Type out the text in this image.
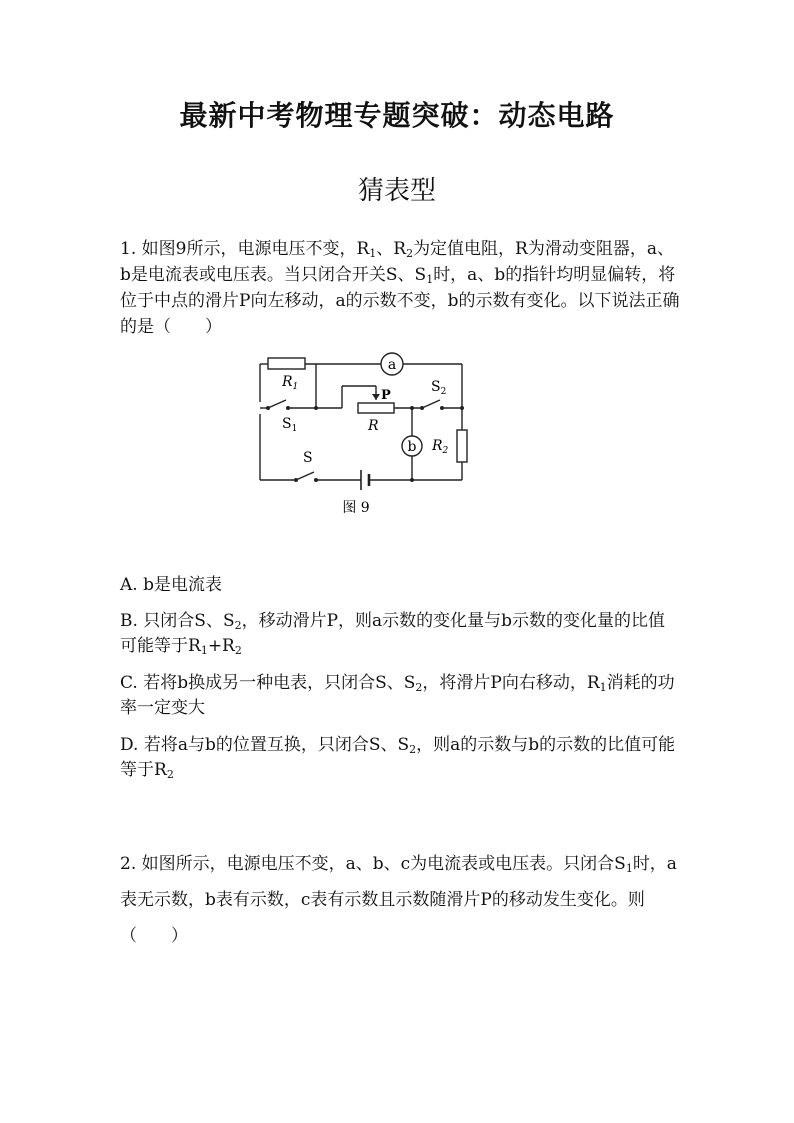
最新中考物理专题突破：动态电路
猜表型
1. 如图9所示，电源电压不变，$R_1$、$R_2$为定值电阻，R为滑动变阻器，a、b是电流表或电压表。当只闭合开关S、$S_1$时，a、b的指针均明显偏转，将位于中点的滑片P向左移动，a的示数不变，b的示数有变化。以下说法正确的是（　　）
a
b
$R_1$
$S_1$
P
R
$S_2$
$R_2$
S
图 9
A. b是电流表
B. 只闭合S、$S_2$，移动滑片P，则a示数的变化量与b示数的变化量的比值可能等于$R_1+R_2$
C. 若将b换成另一种电表，只闭合S、$S_2$，将滑片P向右移动，$R_1$消耗的功率一定变大
D. 若将a与b的位置互换，只闭合S、$S_2$，则a的示数与b的示数的比值可能等于$R_2$
2. 如图所示，电源电压不变，a、b、c为电流表或电压表。只闭合$S_1$时，a表无示数，b表有示数，c表有示数且示数随滑片P的移动发生变化。则（　　）
